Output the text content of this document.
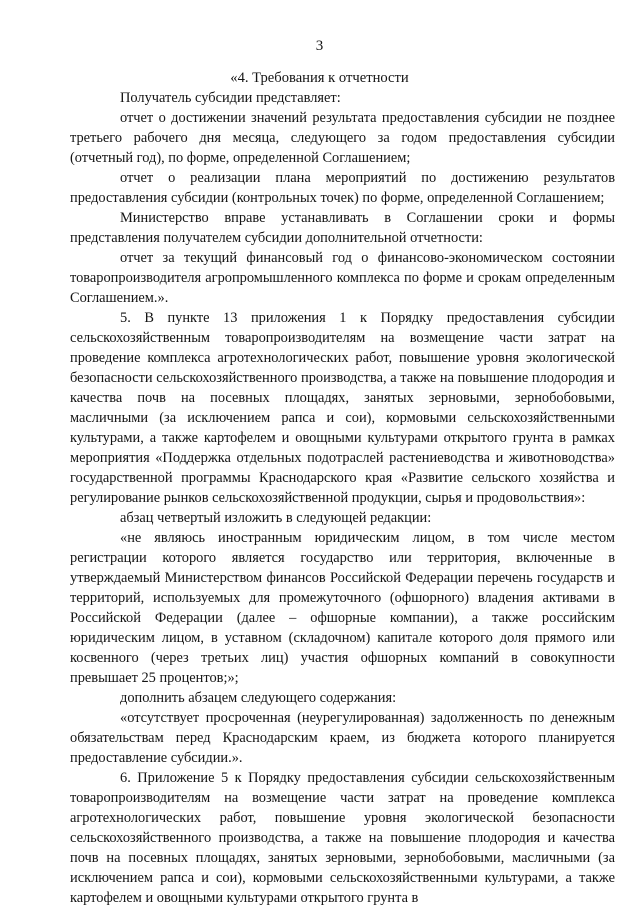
3
«4. Требования к отчетности

Получатель субсидии представляет:

отчет о достижении значений результата предоставления субсидии не позднее третьего рабочего дня месяца, следующего за годом предоставления субсидии (отчетный год), по форме, определенной Соглашением;

отчет о реализации плана мероприятий по достижению результатов предоставления субсидии (контрольных точек) по форме, определенной Соглашением;

Министерство вправе устанавливать в Соглашении сроки и формы представления получателем субсидии дополнительной отчетности:

отчет за текущий финансовый год о финансово-экономическом состоянии товаропроизводителя агропромышленного комплекса по форме и срокам определенным Соглашением.».

5. В пункте 13 приложения 1 к Порядку предоставления субсидии сельскохозяйственным товаропроизводителям на возмещение части затрат на проведение комплекса агротехнологических работ, повышение уровня экологической безопасности сельскохозяйственного производства, а также на повышение плодородия и качества почв на посевных площадях, занятых зерновыми, зернобобовыми, масличными (за исключением рапса и сои), кормовыми сельскохозяйственными культурами, а также картофелем и овощными культурами открытого грунта в рамках мероприятия «Поддержка отдельных подотраслей растениеводства и животноводства» государственной программы Краснодарского края «Развитие сельского хозяйства и регулирование рынков сельскохозяйственной продукции, сырья и продовольствия»:

абзац четвертый изложить в следующей редакции:

«не являюсь иностранным юридическим лицом, в том числе местом регистрации которого является государство или территория, включенные в утверждаемый Министерством финансов Российской Федерации перечень государств и территорий, используемых для промежуточного (офшорного) владения активами в Российской Федерации (далее – офшорные компании), а также российским юридическим лицом, в уставном (складочном) капитале которого доля прямого или косвенного (через третьих лиц) участия офшорных компаний в совокупности превышает 25 процентов;»;

дополнить абзацем следующего содержания:

«отсутствует просроченная (неурегулированная) задолженность по денежным обязательствам перед Краснодарским краем, из бюджета которого планируется предоставление субсидии.».

6. Приложение 5 к Порядку предоставления субсидии сельскохозяйственным товаропроизводителям на возмещение части затрат на проведение комплекса агротехнологических работ, повышение уровня экологической безопасности сельскохозяйственного производства, а также на повышение плодородия и качества почв на посевных площадях, занятых зерновыми, зернобобовыми, масличными (за исключением рапса и сои), кормовыми сельскохозяйственными культурами, а также картофелем и овощными культурами открытого грунта в
